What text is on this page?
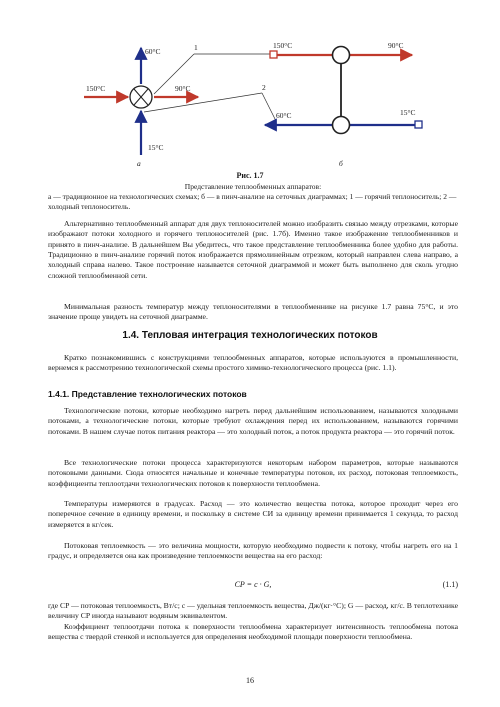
60°C
150°C	90°C
15°C
а
1
2
150°C	90°C
60°C	15°C
б
Рис. 1.7

Представление теплообменных аппаратов:

а — традиционное на технологических схемах; б — в пинч-анализе на сеточных диаграммах; 1 — горячий теплоноситель; 2 — холодный теплоноситель.

Альтернативно теплообменный аппарат для двух теплоносителей можно изобразить связью между отрезками, которые изображают потоки холодного и горячего теплоносителей (рис. 1.7б). Именно такое изображение теплообменников и принято в пинч-анализе. В дальнейшем Вы убедитесь, что такое представление теплообменника более удобно для работы. Традиционно в пинч-анализе горячий поток изображается прямолинейным отрезком, который направлен слева направо, а холодный справа налево. Такое построение называется сеточной диаграммой и может быть выполнено для сколь угодно сложной теплообменной сети.

Минимальная разность температур между теплоносителями в теплообменнике на рисунке 1.7 равна 75°C, и это значение проще увидеть на сеточной диаграмме.

1.4. Тепловая интеграция технологических потоков

Кратко познакомившись с конструкциями теплообменных аппаратов, которые используются в промышленности, вернемся к рассмотрению технологической схемы простого химико-технологического процесса (рис. 1.1).

1.4.1. Представление технологических потоков

Технологические потоки, которые необходимо нагреть перед дальнейшим использованием, называются холодными потоками, а технологические потоки, которые требуют охлаждения перед их использованием, называются горячими потоками. В нашем случае поток питания реактора — это холодный поток, а поток продукта реактора — это горячий поток.

Все технологические потоки процесса характеризуются некоторым набором параметров, которые называются потоковыми данными. Сюда относятся начальные и конечные температуры потоков, их расход, потоковая теплоемкость, коэффициенты теплоотдачи технологических потоков к поверхности теплообмена.

Температуры измеряются в градусах. Расход — это количество вещества потока, которое проходит через его поперечное сечение в единицу времени, и поскольку в системе СИ за единицу времени принимается 1 секунда, то расход измеряется в кг/сек.

Потоковая теплоемкость — это величина мощности, которую необходимо подвести к потоку, чтобы нагреть его на 1 градус, и определяется она как произведение теплоемкости вещества на его расход:

CP = c · G,	(1.1)

где CP — потоковая теплоемкость, Вт/с; c — удельная теплоемкость вещества, Дж/(кг·°С); G — расход, кг/с. В теплотехнике величину CP иногда называют водяным эквивалентом.

Коэффициент теплоотдачи потока к поверхности теплообмена характеризует интенсивность теплообмена потока вещества с твердой стенкой и используется для определения необходимой площади поверхности теплообмена.

16
